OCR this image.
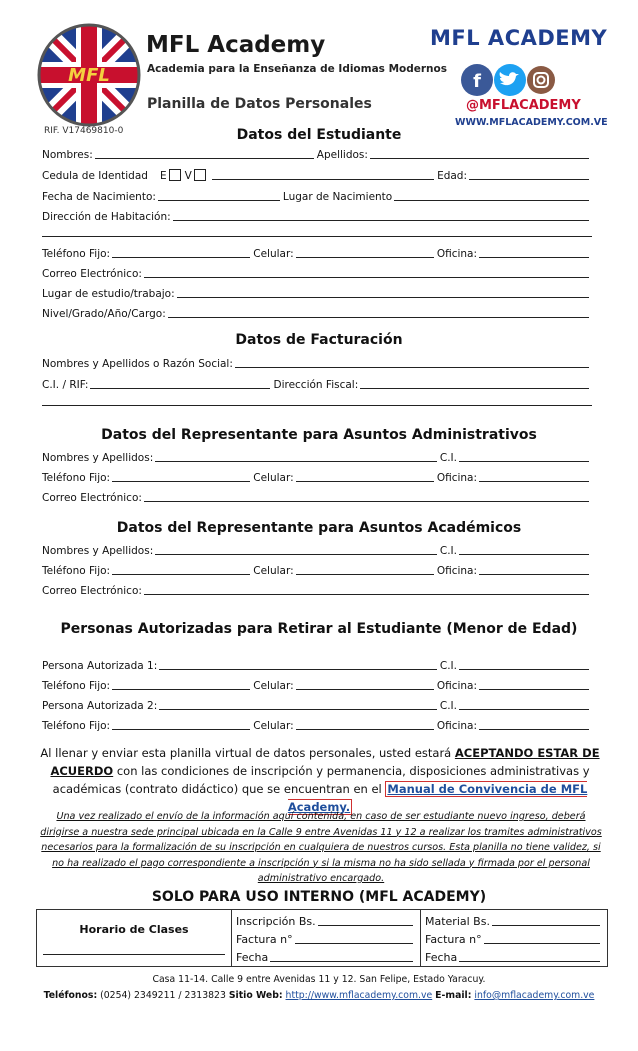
MFL
RIF. V17469810-0
MFL Academy
Academia para la Enseñanza de Idiomas Modernos
Planilla de Datos Personales
MFL ACADEMY
f
@MFLACADEMY
WWW.MFLACADEMY.COM.VE
Datos del Estudiante
Nombres:	Apellidos:
Cedula de Identidad E V	Edad:
Fecha de Nacimiento:	Lugar de Nacimiento
Dirección de Habitación:
Teléfono Fijo:	Celular:	Oficina:
Correo Electrónico:
Lugar de estudio/trabajo:
Nivel/Grado/Año/Cargo:
Datos de Facturación
Nombres y Apellidos o Razón Social:
C.I. / RIF:	Dirección Fiscal:
Datos del Representante para Asuntos Administrativos
Nombres y Apellidos:	C.I.
Teléfono Fijo:	Celular:	Oficina:
Correo Electrónico:
Datos del Representante para Asuntos Académicos
Nombres y Apellidos:	C.I.
Teléfono Fijo:	Celular:	Oficina:
Correo Electrónico:
Personas Autorizadas para Retirar al Estudiante (Menor de Edad)
Persona Autorizada 1:	C.I.
Teléfono Fijo:	Celular:	Oficina:
Persona Autorizada 2:	C.I.
Teléfono Fijo:	Celular:	Oficina:
Al llenar y enviar esta planilla virtual de datos personales, usted estará ACEPTANDO ESTAR DE ACUERDO con las condiciones de inscripción y permanencia, disposiciones administrativas y académicas (contrato didáctico) que se encuentran en el Manual de Convivencia de MFL Academy.
Una vez realizado el envío de la información aquí contenida, en caso de ser estudiante nuevo ingreso, deberá dirigirse a nuestra sede principal ubicada en la Calle 9 entre Avenidas 11 y 12 a realizar los tramites administrativos necesarios para la formalización de su inscripción en cualquiera de nuestros cursos. Esta planilla no tiene validez, si no ha realizado el pago correspondiente a inscripción y si la misma no ha sido sellada y firmada por el personal administrativo encargado.
SOLO PARA USO INTERNO (MFL ACADEMY)
Horario de Clases

Inscripción Bs.
Factura n°
Fecha

Material Bs.
Factura n°
Fecha
Casa 11-14. Calle 9 entre Avenidas 11 y 12. San Felipe, Estado Yaracuy.
Teléfonos: (0254) 2349211 / 2313823 Sitio Web: http://www.mflacademy.com.ve E-mail: info@mflacademy.com.ve
